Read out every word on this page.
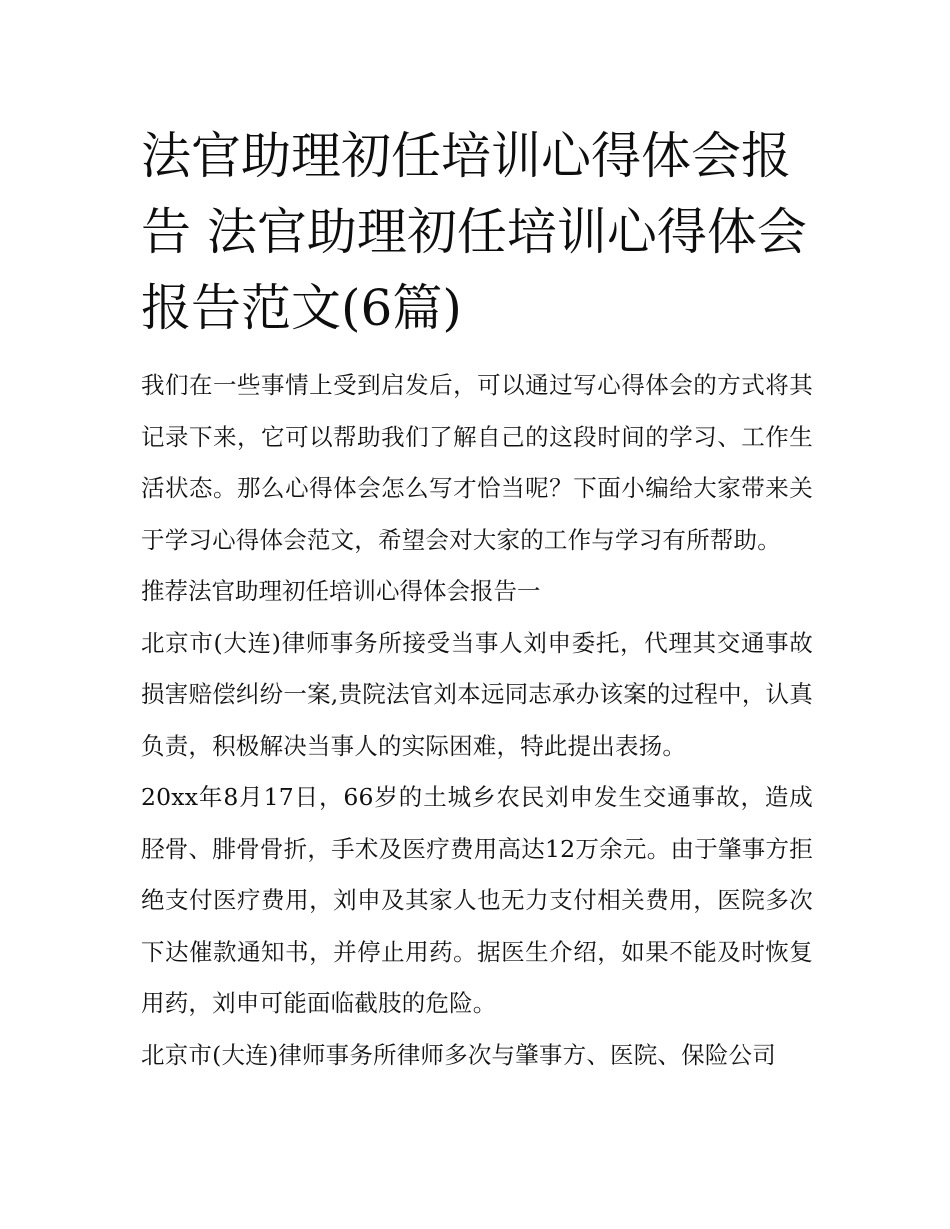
法官助理初任培训心得体会报告 法官助理初任培训心得体会报告范文(6篇)

我们在一些事情上受到启发后，可以通过写心得体会的方式将其记录下来，它可以帮助我们了解自己的这段时间的学习、工作生活状态。那么心得体会怎么写才恰当呢？下面小编给大家带来关于学习心得体会范文，希望会对大家的工作与学习有所帮助。

推荐法官助理初任培训心得体会报告一

北京市(大连)律师事务所接受当事人刘申委托，代理其交通事故损害赔偿纠纷一案,贵院法官刘本远同志承办该案的过程中，认真负责，积极解决当事人的实际困难，特此提出表扬。

20xx年8月17日，66岁的土城乡农民刘申发生交通事故，造成胫骨、腓骨骨折，手术及医疗费用高达12万余元。由于肇事方拒绝支付医疗费用，刘申及其家人也无力支付相关费用，医院多次下达催款通知书，并停止用药。据医生介绍，如果不能及时恢复用药，刘申可能面临截肢的危险。

北京市(大连)律师事务所律师多次与肇事方、医院、保险公司
